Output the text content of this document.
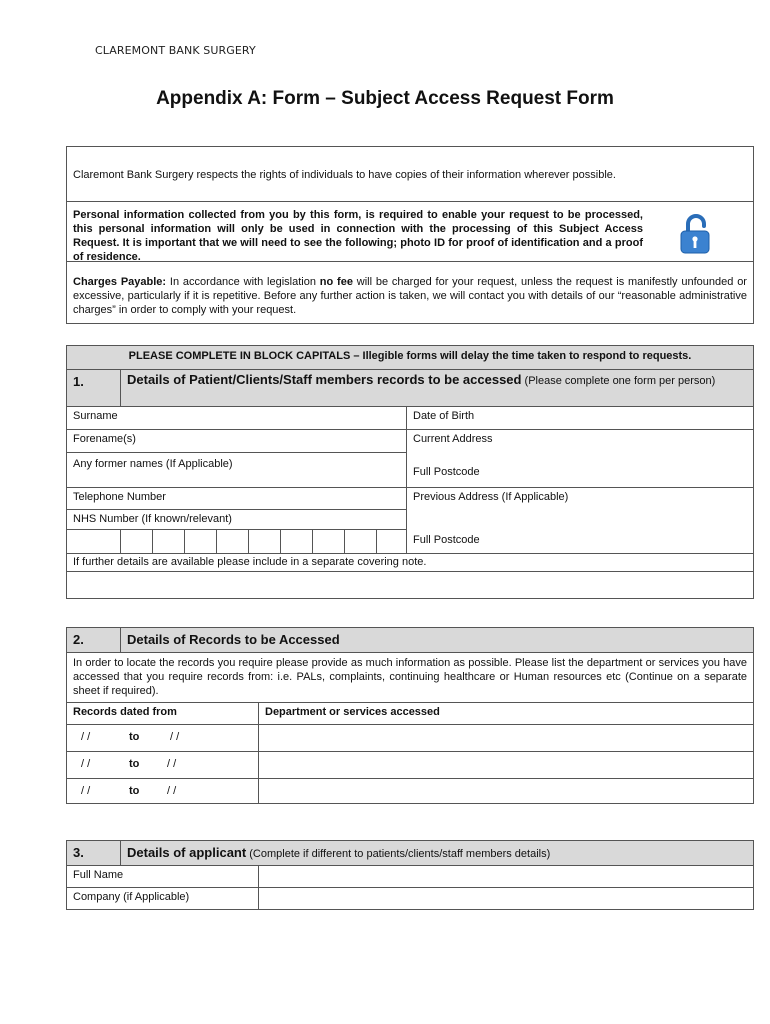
CLAREMONT BANK SURGERY
Appendix A: Form – Subject Access Request Form
Claremont Bank Surgery respects the rights of individuals to have copies of their information wherever possible.
Personal information collected from you by this form, is required to enable your request to be processed, this personal information will only be used in connection with the processing of this Subject Access Request. It is important that we will need to see the following; photo ID for proof of identification and a proof of residence.
Charges Payable: In accordance with legislation no fee will be charged for your request, unless the request is manifestly unfounded or excessive, particularly if it is repetitive. Before any further action is taken, we will contact you with details of our “reasonable administrative charges” in order to comply with your request.
PLEASE COMPLETE IN BLOCK CAPITALS – Illegible forms will delay the time taken to respond to requests.
1.	Details of Patient/Clients/Staff members records to be accessed (Please complete one form per person)
Surname	Date of Birth
Forename(s)	Current Address
Full Postcode
Any former names (If Applicable)
Telephone Number	Previous Address (If Applicable)
Full Postcode
NHS Number (If known/relevant)
If further details are available please include in a separate covering note.
2.	Details of Records to be Accessed
In order to locate the records you require please provide as much information as possible. Please list the department or services you have accessed that you require records from: i.e. PALs, complaints, continuing healthcare or Human resources etc (Continue on a separate sheet if required).
Records dated from	Department or services accessed
/ /	to	/ /
/ /	to	/ /
/ /	to	/ /
3.	Details of applicant (Complete if different to patients/clients/staff members details)
Full Name
Company (if Applicable)
